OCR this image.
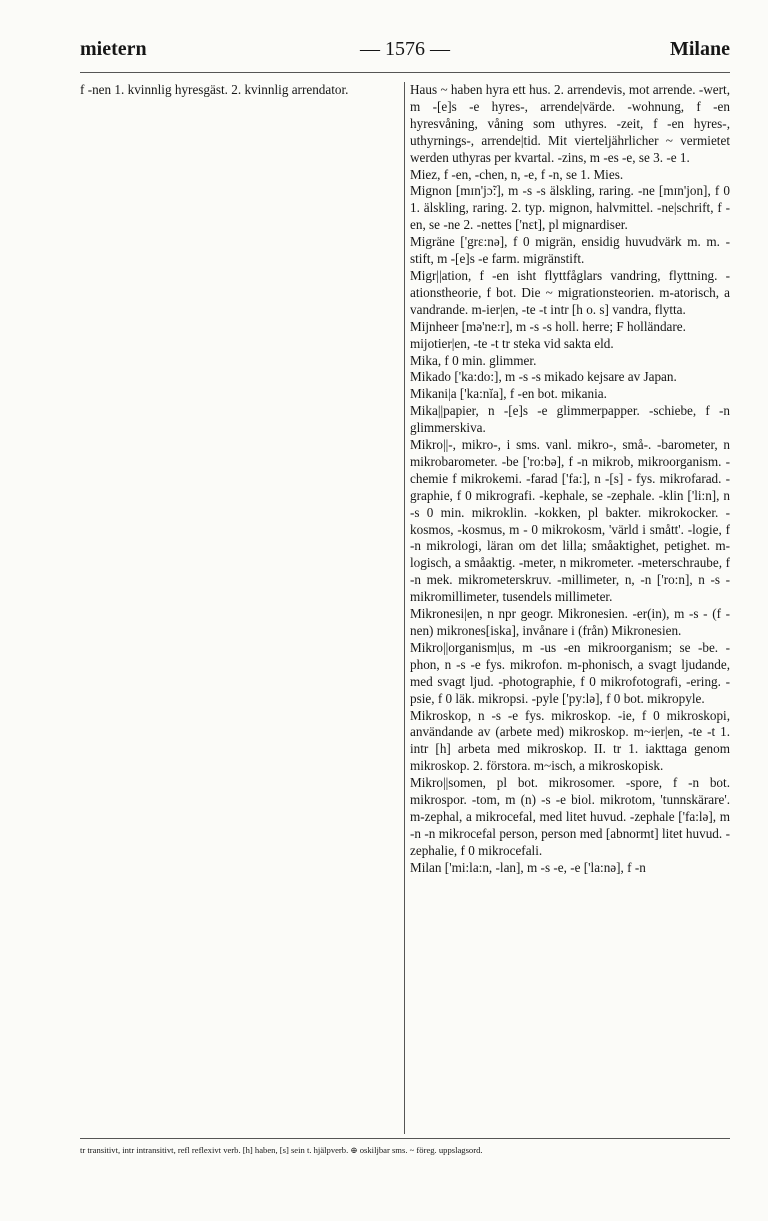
mietern	— 1576 —	Milane

f -nen 1. kvinnlig hyresgäst. 2. kvinnlig arrendator.	Haus ~ haben hyra ett hus. 2. arrendevis, mot arrende. -wert, m -[e]s -e hyres-, arrende|värde. -wohnung, f -en hyresvåning, våning som uthyres. -zeit, f -en hyres-, uthyrnings-, arrende|tid. Mit vierteljährlicher ~ vermietet werden uthyras per kvartal. -zins, m -es -e, se 3. -e 1.

Miez, f -en, -chen, n, -e, f -n, se 1. Mies.

Mignon [mɪn'jɔ̃:], m -s -s älskling, raring. -ne [mɪn'jon], f 0 1. älskling, raring. 2. typ. mignon, halvmittel. -ne|schrift, f -en, se -ne 2. -nettes ['nɛt], pl mignardiser.

Migräne ['grɛ:nə], f 0 migrän, ensidig huvudvärk m. m. -stift, m -[e]s -e farm. migränstift.

Migr||ation, f -en isht flyttfåglars vandring, flyttning. -ationstheorie, f bot. Die ~ migrationsteorien. m-atorisch, a vandrande. m-ier|en, -te -t intr [h o. s] vandra, flytta.

Mijnheer [mə'ne:r], m -s -s holl. herre; F holländare.

mijotier|en, -te -t tr steka vid sakta eld.

Mika, f 0 min. glimmer.

Mikado ['ka:do:], m -s -s mikado kejsare av Japan.

Mikani|a ['ka:nĭa], f -en bot. mikania.

Mika||papier, n -[e]s -e glimmerpapper. -schiebe, f -n glimmerskiva.

Mikro||-, mikro-, i sms. vanl. mikro-, små-. -barometer, n mikrobarometer. -be ['ro:bə], f -n mikrob, mikroorganism. -chemie f mikrokemi. -farad ['fa:], n -[s] - fys. mikrofarad. -graphie, f 0 mikrografi. -kephale, se -zephale. -klin ['li:n], n -s 0 min. mikroklin. -kokken, pl bakter. mikrokocker. -kosmos, -kosmus, m - 0 mikrokosm, 'värld i smått'. -logie, f -n mikrologi, läran om det lilla; småaktighet, petighet. m-logisch, a småaktig. -meter, n mikrometer. -meterschraube, f -n mek. mikrometerskruv. -millimeter, n, -n ['ro:n], n -s - mikromillimeter, tusendels millimeter.

Mikronesi|en, n npr geogr. Mikronesien. -er(in), m -s - (f -nen) mikrones[iska], invånare i (från) Mikronesien.

Mikro||organism|us, m -us -en mikroorganism; se -be. -phon, n -s -e fys. mikrofon. m-phonisch, a svagt ljudande, med svagt ljud. -photographie, f 0 mikrofotografi, -ering. -psie, f 0 läk. mikropsi. -pyle ['py:lə], f 0 bot. mikropyle.

Mikroskop, n -s -e fys. mikroskop. -ie, f 0 mikroskopi, användande av (arbete med) mikroskop. m~ier|en, -te -t 1. intr [h] arbeta med mikroskop. II. tr 1. iakttaga genom mikroskop. 2. förstora. m~isch, a mikroskopisk.

Mikro||somen, pl bot. mikrosomer. -spore, f -n bot. mikrospor. -tom, m (n) -s -e biol. mikrotom, 'tunnskärare'. m-zephal, a mikrocefal, med litet huvud. -zephale ['fa:lə], m -n -n mikrocefal person, person med [abnormt] litet huvud. -zephalie, f 0 mikrocefali.

Milan ['mi:la:n, -lan], m -s -e, -e ['la:nə], f -n

tr transitivt, intr intransitivt, refl reflexivt verb. [h] haben, [s] sein t. hjälpverb. ⊕ oskiljbar sms. ~ föreg. uppslagsord.
